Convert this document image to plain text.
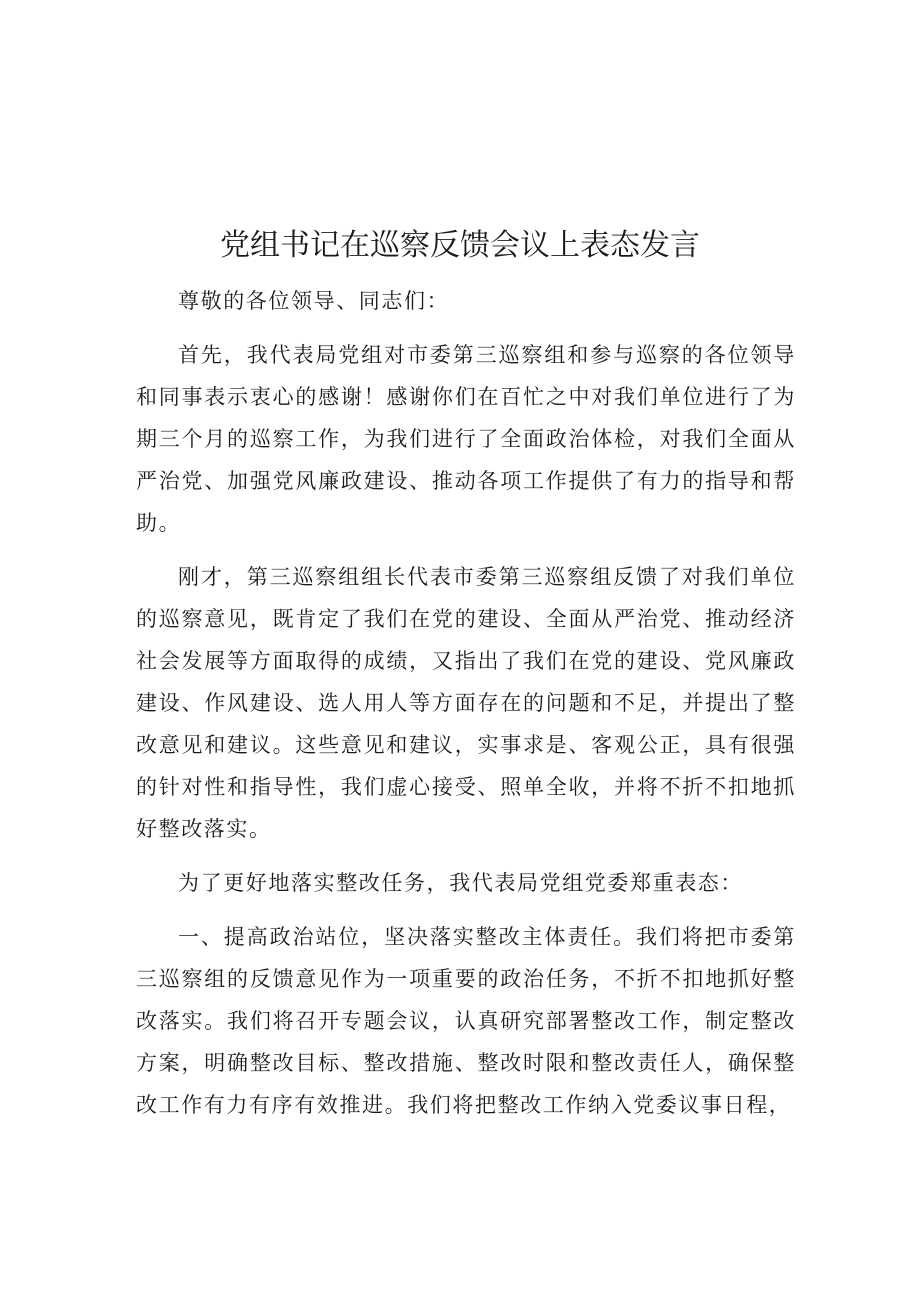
党组书记在巡察反馈会议上表态发言

尊敬的各位领导、同志们：

首先，我代表局党组对市委第三巡察组和参与巡察的各位领导和同事表示衷心的感谢！感谢你们在百忙之中对我们单位进行了为期三个月的巡察工作，为我们进行了全面政治体检，对我们全面从严治党、加强党风廉政建设、推动各项工作提供了有力的指导和帮助。

刚才，第三巡察组组长代表市委第三巡察组反馈了对我们单位的巡察意见，既肯定了我们在党的建设、全面从严治党、推动经济社会发展等方面取得的成绩，又指出了我们在党的建设、党风廉政建设、作风建设、选人用人等方面存在的问题和不足，并提出了整改意见和建议。这些意见和建议，实事求是、客观公正，具有很强的针对性和指导性，我们虚心接受、照单全收，并将不折不扣地抓好整改落实。

为了更好地落实整改任务，我代表局党组党委郑重表态：

一、提高政治站位，坚决落实整改主体责任。我们将把市委第三巡察组的反馈意见作为一项重要的政治任务，不折不扣地抓好整改落实。我们将召开专题会议，认真研究部署整改工作，制定整改方案，明确整改目标、整改措施、整改时限和整改责任人，确保整改工作有力有序有效推进。我们将把整改工作纳入党委议事日程，
